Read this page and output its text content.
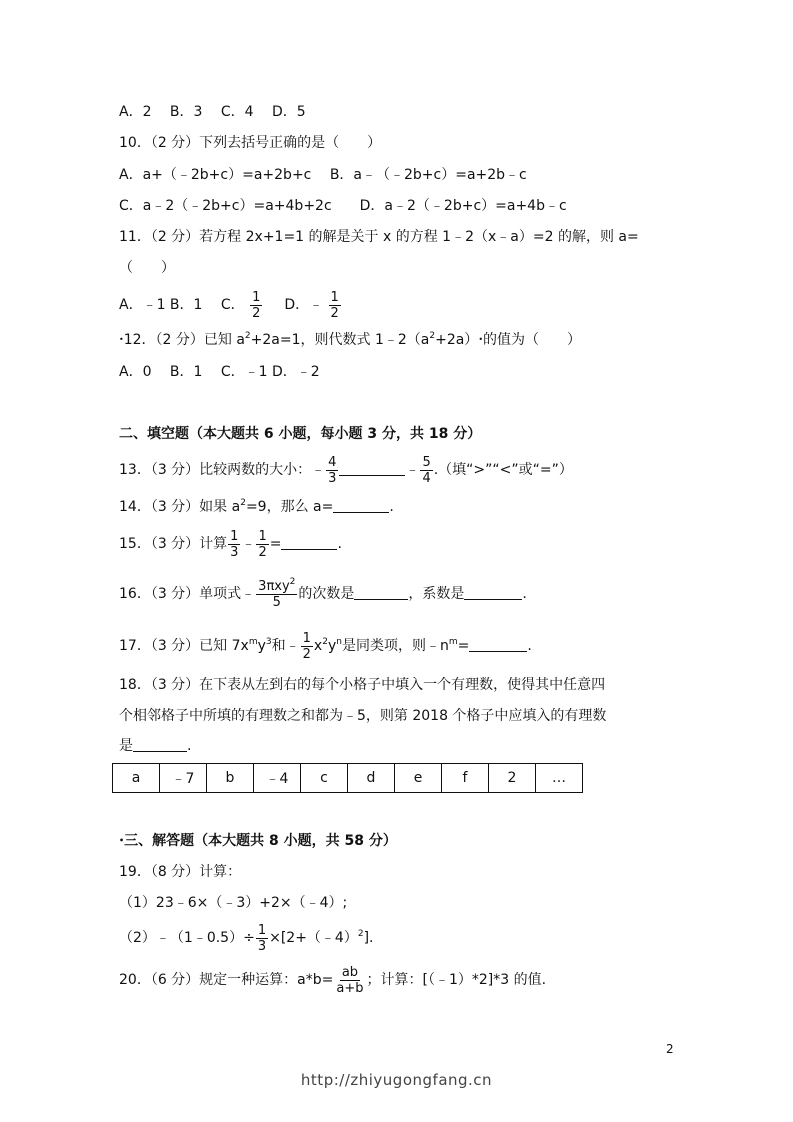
A．2　 B．3　 C．4　 D．5
10．（2 分）下列去括号正确的是（　　）
A．a+（﹣2b+c）=a+2b+c　 B．a﹣（﹣2b+c）=a+2b﹣c
C．a﹣2（﹣2b+c）=a+4b+2c　　D．a﹣2（﹣2b+c）=a+4b﹣c
11．（2 分）若方程 2x+1=1 的解是关于 x 的方程 1﹣2（x﹣a）=2 的解，则 a=
（　　）
A．﹣1 B．1　 C． $\frac{1}{2}$ D．﹣ $\frac{1}{2}$
•12．（2 分）已知 $a^2+2a=1$，则代数式 $1﹣2(a^2+2a)•$的值为（　　）
A．0　 B．1　 C．﹣1 D．﹣2
二、填空题（本大题共 6 小题，每小题 3 分，共 18 分）
13．（3 分）比较两数的大小：﹣ $\frac{4}{3}$	﹣ $\frac{5}{4}$ .（填“>”“<”或“=”）
14．（3 分）如果 $a^2=9$，那么 a=	.
15．（3 分）计算 $\frac{1}{3}$ ﹣ $\frac{1}{2}$ =	.
16．（3 分）单项式﹣ $\frac{3\pi xy^2}{5}$ 的次数是	，系数是	.
17．（3 分）已知 $7x^my^3$和﹣ $\frac{1}{2} x^2y^n$是同类项，则$﹣n^m=$	.
18．（3 分）在下表从左到右的每个小格子中填入一个有理数，使得其中任意四
个相邻格子中所填的有理数之和都为﹣5，则第 2018 个格子中应填入的有理数
是	.
a	﹣7	b	﹣4	c	d	e	f	2	…
•三、解答题（本大题共 8 小题，共 58 分）
19．（8 分）计算：
（1）23﹣6×（﹣3）+2×（﹣4）;
（2）﹣（1﹣0.5）÷ $\frac{1}{3}$ ×[2+（﹣4）$^2$].
20．（6 分）规定一种运算：$a*b= \frac{ab}{a+b}$ ；计算：[（﹣1）*2]*3 的值.
2
http://zhiyugongfang.cn
